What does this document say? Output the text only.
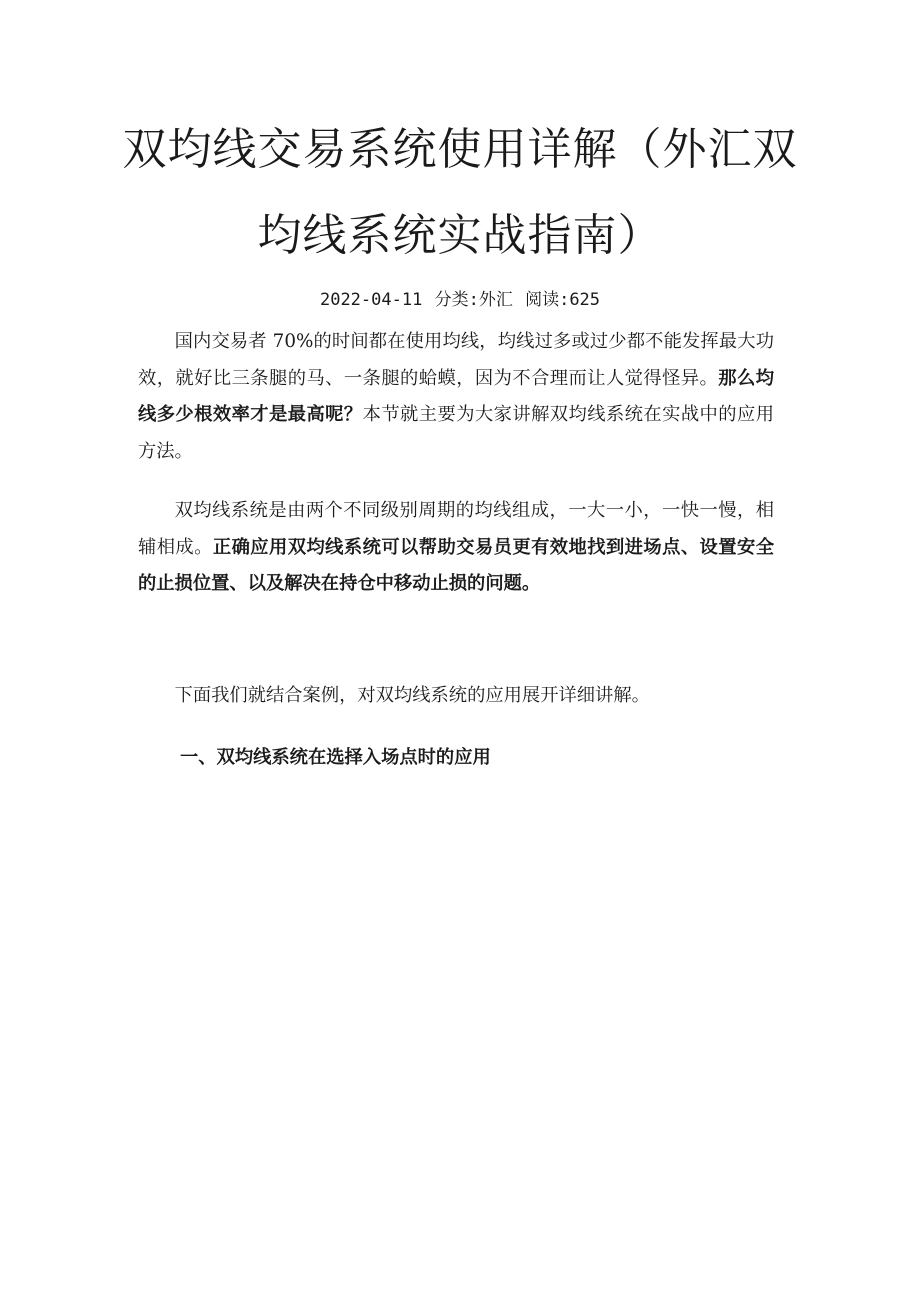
双均线交易系统使用详解（外汇双
均线系统实战指南）
2022-04-11 分类:外汇 阅读:625

国内交易者 70%的时间都在使用均线，均线过多或过少都不能发挥最大功效，就好比三条腿的马、一条腿的蛤蟆，因为不合理而让人觉得怪异。那么均线多少根效率才是最高呢？本节就主要为大家讲解双均线系统在实战中的应用方法。

双均线系统是由两个不同级别周期的均线组成，一大一小，一快一慢，相辅相成。正确应用双均线系统可以帮助交易员更有效地找到进场点、设置安全的止损位置、以及解决在持仓中移动止损的问题。

下面我们就结合案例，对双均线系统的应用展开详细讲解。

一、双均线系统在选择入场点时的应用
